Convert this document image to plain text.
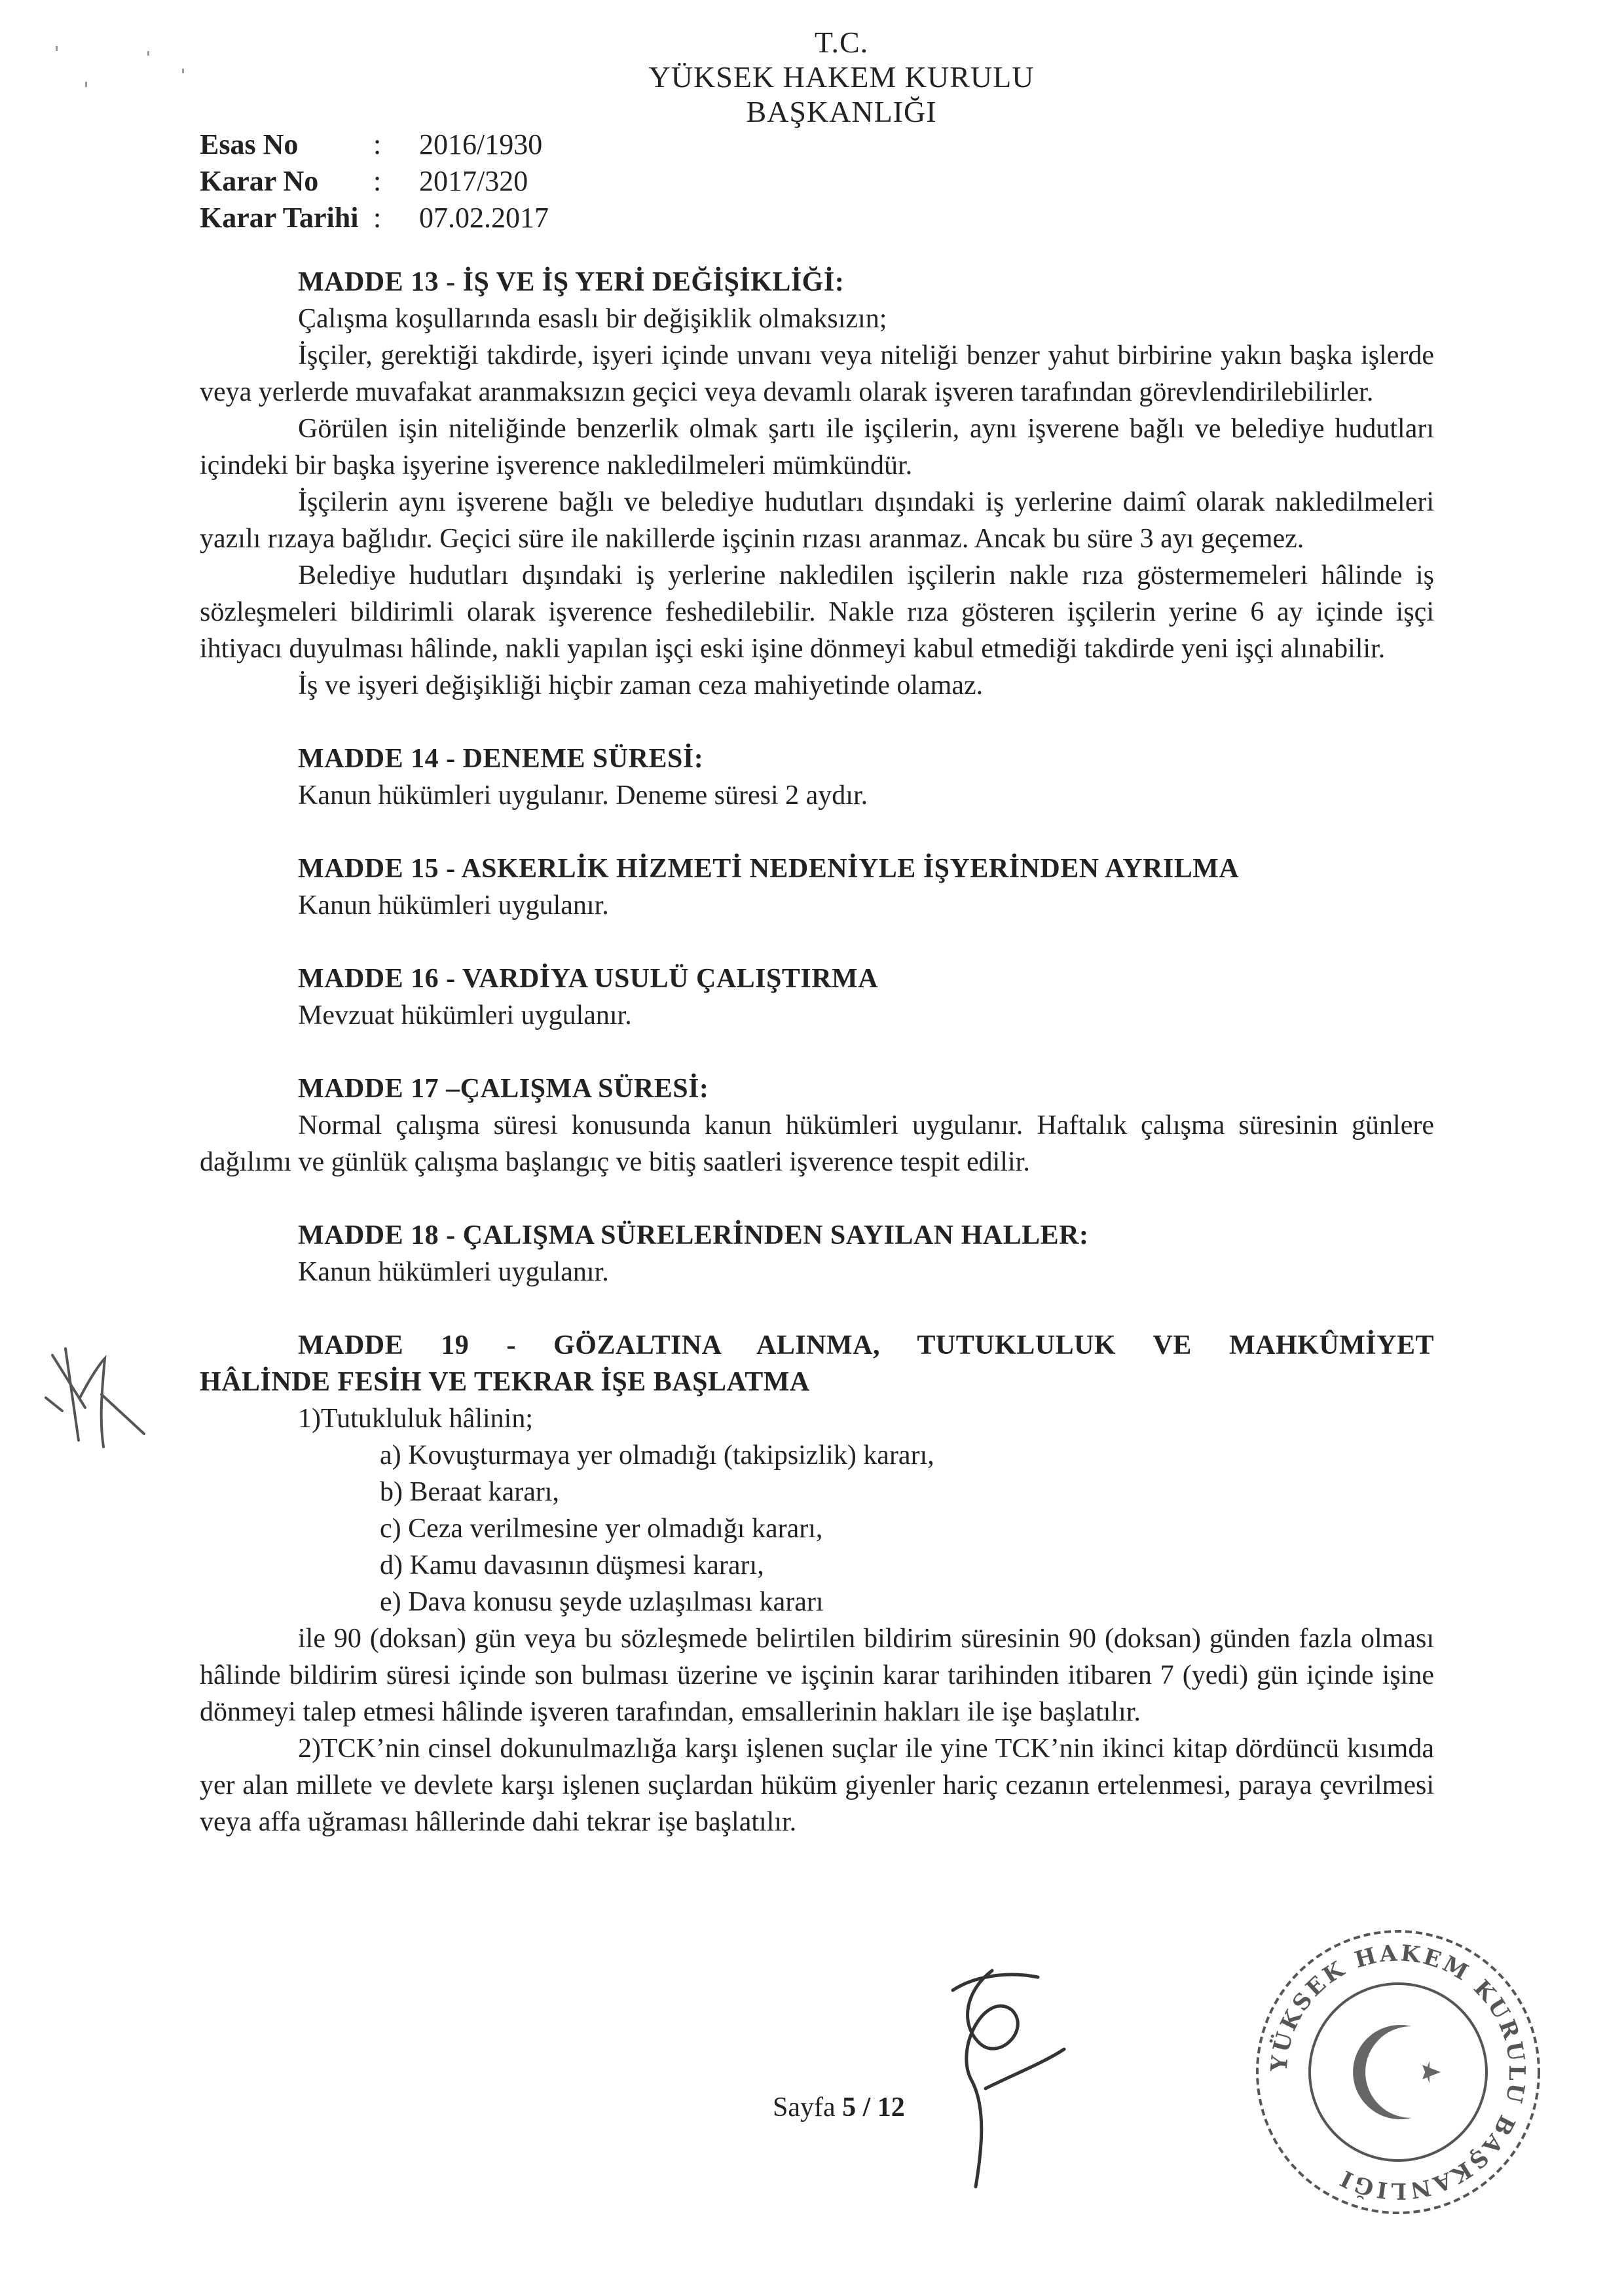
T.C.
YÜKSEK HAKEM KURULU
BAŞKANLIĞI
Esas No	:	2016/1930
Karar No	:	2017/320
Karar Tarihi :	07.02.2017
MADDE 13 - İŞ VE İŞ YERİ DEĞİŞİKLİĞİ:

Çalışma koşullarında esaslı bir değişiklik olmaksızın;

İşçiler, gerektiği takdirde, işyeri içinde unvanı veya niteliği benzer yahut birbirine yakın başka işlerde veya yerlerde muvafakat aranmaksızın geçici veya devamlı olarak işveren tarafından görevlendirilebilirler.

Görülen işin niteliğinde benzerlik olmak şartı ile işçilerin, aynı işverene bağlı ve belediye hudutları içindeki bir başka işyerine işverence nakledilmeleri mümkündür.

İşçilerin aynı işverene bağlı ve belediye hudutları dışındaki iş yerlerine daimî olarak nakledilmeleri yazılı rızaya bağlıdır. Geçici süre ile nakillerde işçinin rızası aranmaz. Ancak bu süre 3 ayı geçemez.

Belediye hudutları dışındaki iş yerlerine nakledilen işçilerin nakle rıza göstermemeleri hâlinde iş sözleşmeleri bildirimli olarak işverence feshedilebilir. Nakle rıza gösteren işçilerin yerine 6 ay içinde işçi ihtiyacı duyulması hâlinde, nakli yapılan işçi eski işine dönmeyi kabul etmediği takdirde yeni işçi alınabilir.

İş ve işyeri değişikliği hiçbir zaman ceza mahiyetinde olamaz.

MADDE 14 - DENEME SÜRESİ:

Kanun hükümleri uygulanır. Deneme süresi 2 aydır.

MADDE 15 - ASKERLİK HİZMETİ NEDENİYLE İŞYERİNDEN AYRILMA

Kanun hükümleri uygulanır.

MADDE 16 - VARDİYA USULÜ ÇALIŞTIRMA

Mevzuat hükümleri uygulanır.

MADDE 17 –ÇALIŞMA SÜRESİ:

Normal çalışma süresi konusunda kanun hükümleri uygulanır. Haftalık çalışma süresinin günlere dağılımı ve günlük çalışma başlangıç ve bitiş saatleri işverence tespit edilir.

MADDE 18 - ÇALIŞMA SÜRELERİNDEN SAYILAN HALLER:

Kanun hükümleri uygulanır.

MADDE 19 - GÖZALTINA ALINMA, TUTUKLULUK VE MAHKÛMİYET
HÂLİNDE FESİH VE TEKRAR İŞE BAŞLATMA

1)Tutukluluk hâlinin;

a) Kovuşturmaya yer olmadığı (takipsizlik) kararı,
b) Beraat kararı,
c) Ceza verilmesine yer olmadığı kararı,
d) Kamu davasının düşmesi kararı,
e) Dava konusu şeyde uzlaşılması kararı

ile 90 (doksan) gün veya bu sözleşmede belirtilen bildirim süresinin 90 (doksan) günden fazla olması hâlinde bildirim süresi içinde son bulması üzerine ve işçinin karar tarihinden itibaren 7 (yedi) gün içinde işine dönmeyi talep etmesi hâlinde işveren tarafından, emsallerinin hakları ile işe başlatılır.

2)TCK’nin cinsel dokunulmazlığa karşı işlenen suçlar ile yine TCK’nin ikinci kitap dördüncü kısımda yer alan millete ve devlete karşı işlenen suçlardan hüküm giyenler hariç cezanın ertelenmesi, paraya çevrilmesi veya affa uğraması hâllerinde dahi tekrar işe başlatılır.

Sayfa 5 / 12
YÜKSEK HAKEM KURULU BAŞKANLIĞI
